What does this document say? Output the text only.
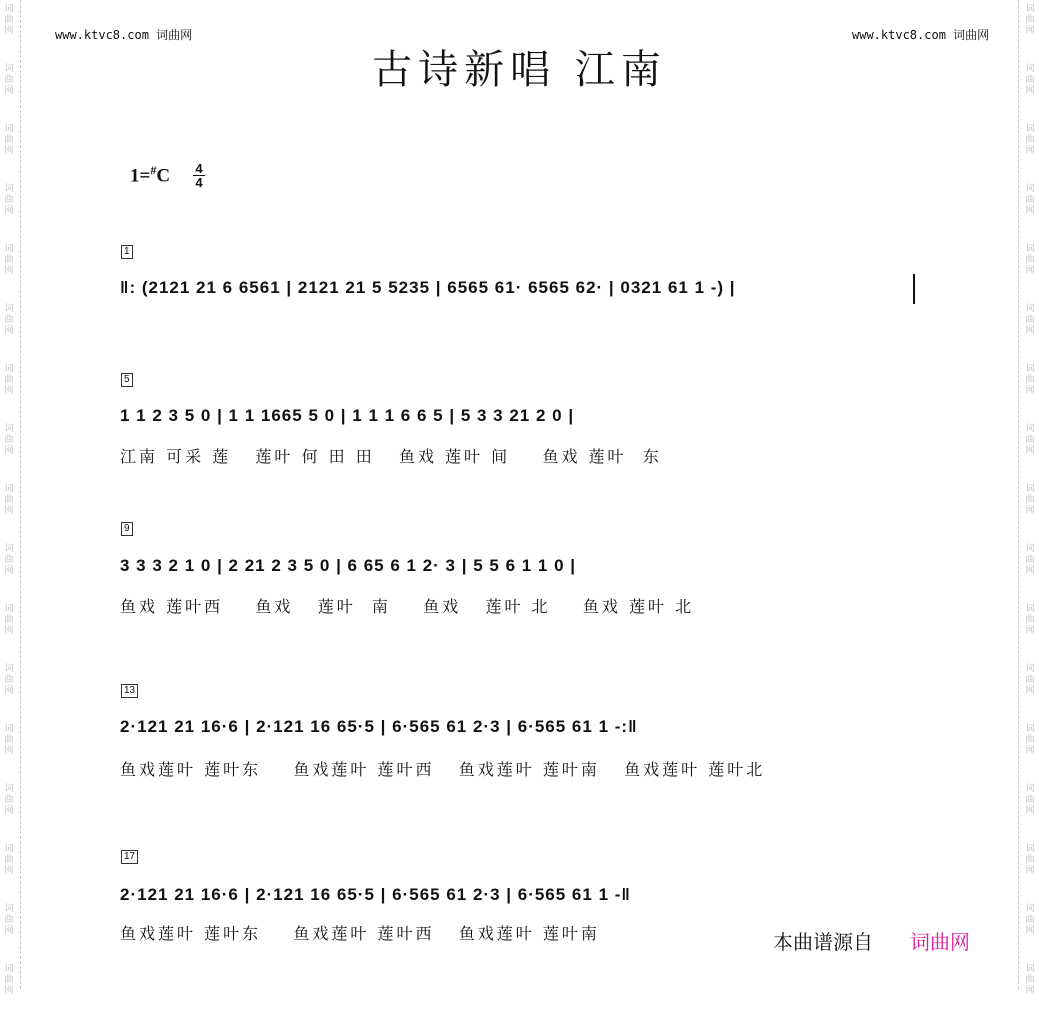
词
曲
网
词
曲
网
词
曲
网
词
曲
网
词
曲
网
词
曲
网
词
曲
网
词
曲
网
词
曲
网
词
曲
网
词
曲
网
词
曲
网
词
曲
网
词
曲
网
词
曲
网
词
曲
网
词
曲
网
词
曲
网
词
曲
网
词
曲
网
词
曲
网
词
曲
网
词
曲
网
词
曲
网
词
曲
网
词
曲
网
词
曲
网
词
曲
网
词
曲
网
词
曲
网
词
曲
网
词
曲
网
词
曲
网
词
曲
网
www.ktvc8.com 词曲网	www.ktvc8.com 词曲网
古诗新唱 江南
1=#C 4
4
1
‖: (2121 21 6 6561 | 2121 21 5 5235 | 6565 61· 6565 62· | 0321 61 1 -) |
5
1 1 2 3 5 0 | 1 1 1665 5 0 | 1 1 1 6 6 5 | 5 3 3 21 2 0 |
江南 可采 莲   莲叶 何 田 田   鱼戏 莲叶 间    鱼戏 莲叶  东
9
3 3 3 2 1 0 | 2 21 2 3 5 0 | 6 65 6 1 2· 3 | 5 5 6 1 1 0 |
鱼戏 莲叶西    鱼戏   莲叶  南    鱼戏   莲叶 北    鱼戏 莲叶 北
13
2·121 21 16·6 | 2·121 16 65·5 | 6·565 61 2·3 | 6·565 61 1 -:‖
鱼戏莲叶 莲叶东    鱼戏莲叶 莲叶西   鱼戏莲叶 莲叶南   鱼戏莲叶 莲叶北
17
2·121 21 16·6 | 2·121 16 65·5 | 6·565 61 2·3 | 6·565 61 1 -‖
鱼戏莲叶 莲叶东    鱼戏莲叶 莲叶西   鱼戏莲叶 莲叶南	本曲谱源自 词曲网
